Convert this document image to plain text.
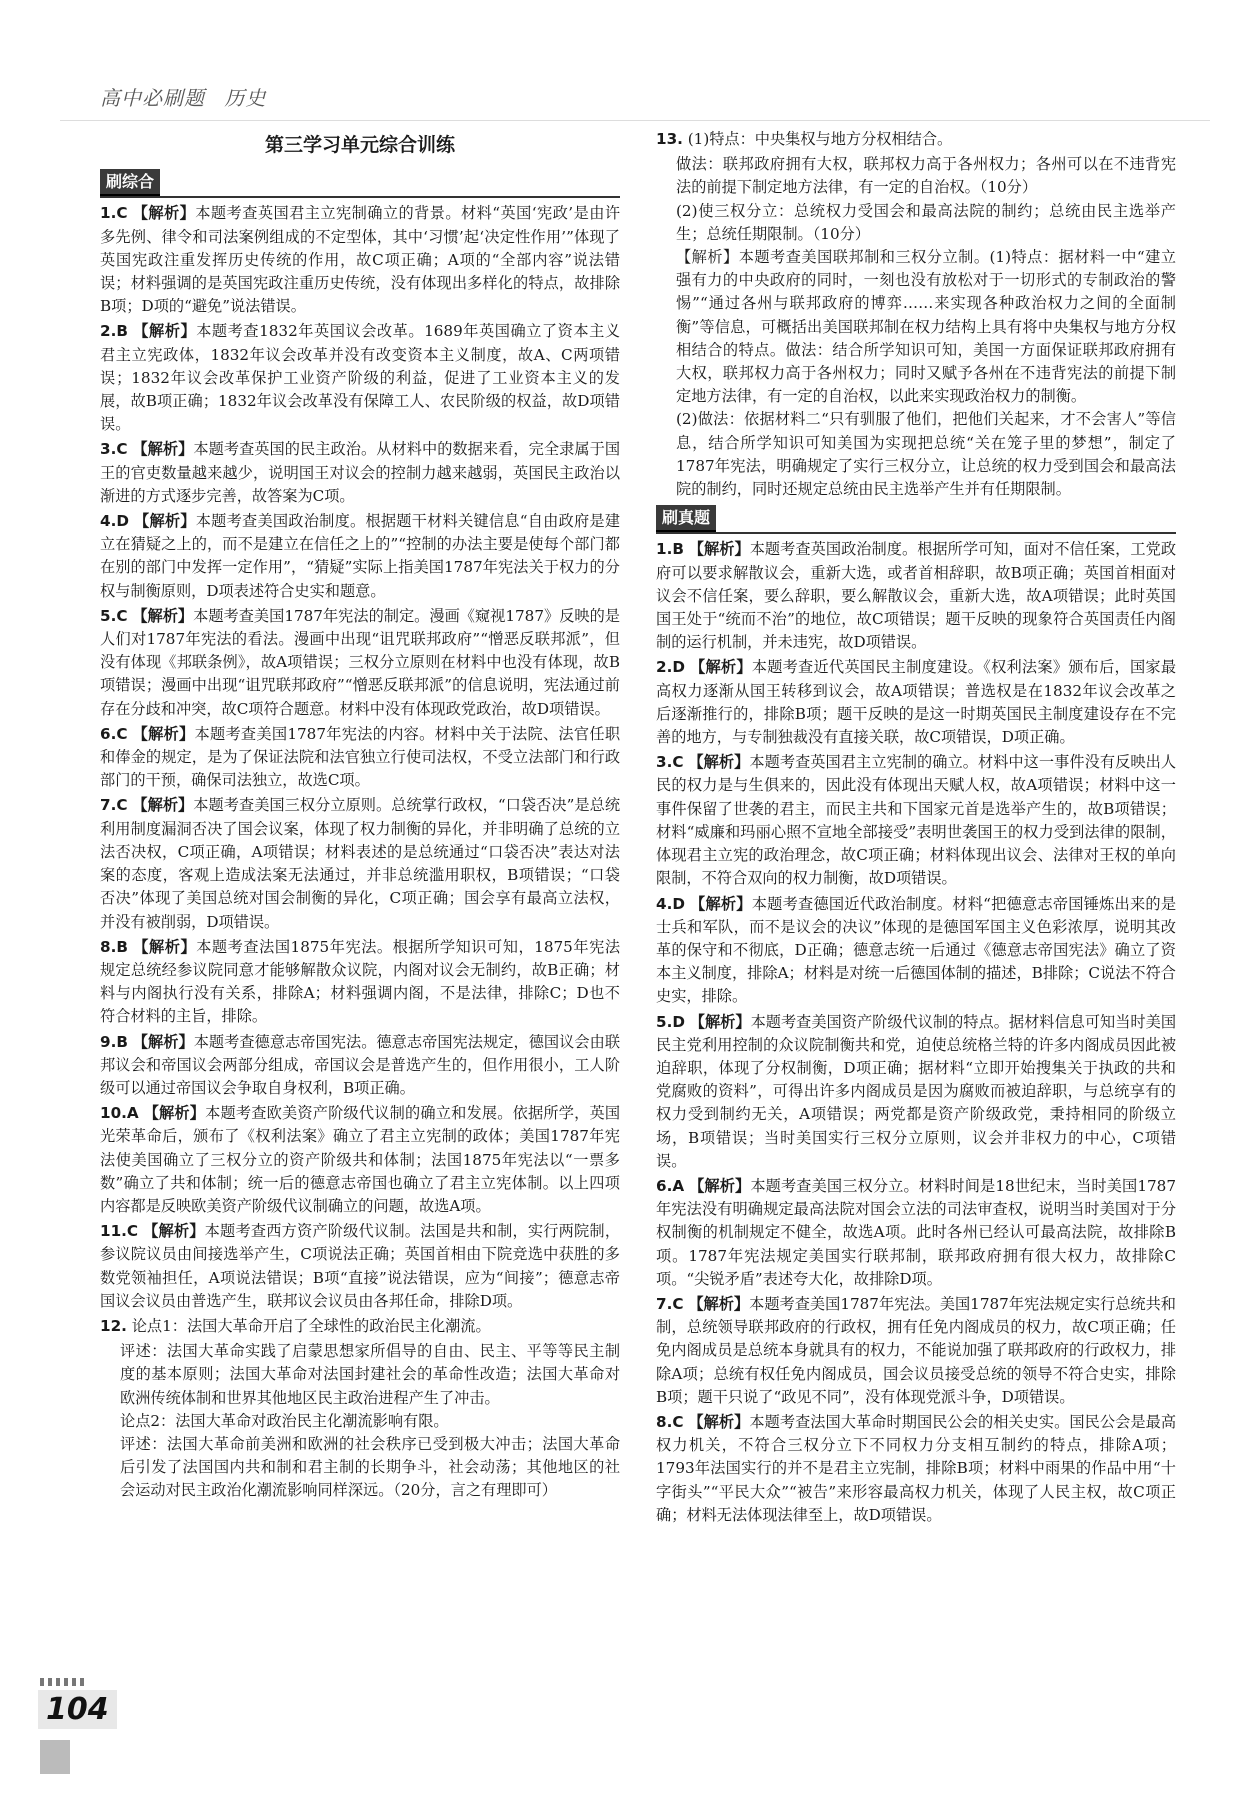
高中必刷题 历史
第三学习单元综合训练
刷综合
1.C 【解析】本题考查英国君主立宪制确立的背景。材料“英国‘宪政’是由许多先例、律令和司法案例组成的不定型体，其中‘习惯’起‘决定性作用’”体现了英国宪政注重发挥历史传统的作用，故C项正确；A项的“全部内容”说法错误；材料强调的是英国宪政注重历史传统，没有体现出多样化的特点，故排除B项；D项的“避免”说法错误。
2.B 【解析】本题考查1832年英国议会改革。1689年英国确立了资本主义君主立宪政体，1832年议会改革并没有改变资本主义制度，故A、C两项错误；1832年议会改革保护工业资产阶级的利益，促进了工业资本主义的发展，故B项正确；1832年议会改革没有保障工人、农民阶级的权益，故D项错误。
3.C 【解析】本题考查英国的民主政治。从材料中的数据来看，完全隶属于国王的官吏数量越来越少，说明国王对议会的控制力越来越弱，英国民主政治以渐进的方式逐步完善，故答案为C项。
4.D 【解析】本题考查美国政治制度。根据题干材料关键信息“自由政府是建立在猜疑之上的，而不是建立在信任之上的”“控制的办法主要是使每个部门都在别的部门中发挥一定作用”，“猜疑”实际上指美国1787年宪法关于权力的分权与制衡原则，D项表述符合史实和题意。
5.C 【解析】本题考查美国1787年宪法的制定。漫画《窥视1787》反映的是人们对1787年宪法的看法。漫画中出现“诅咒联邦政府”“憎恶反联邦派”，但没有体现《邦联条例》，故A项错误；三权分立原则在材料中也没有体现，故B项错误；漫画中出现“诅咒联邦政府”“憎恶反联邦派”的信息说明，宪法通过前存在分歧和冲突，故C项符合题意。材料中没有体现政党政治，故D项错误。
6.C 【解析】本题考查美国1787年宪法的内容。材料中关于法院、法官任职和俸金的规定，是为了保证法院和法官独立行使司法权，不受立法部门和行政部门的干预，确保司法独立，故选C项。
7.C 【解析】本题考查美国三权分立原则。总统掌行政权，“口袋否决”是总统利用制度漏洞否决了国会议案，体现了权力制衡的异化，并非明确了总统的立法否决权，C项正确，A项错误；材料表述的是总统通过“口袋否决”表达对法案的态度，客观上造成法案无法通过，并非总统滥用职权，B项错误；“口袋否决”体现了美国总统对国会制衡的异化，C项正确；国会享有最高立法权，并没有被削弱，D项错误。
8.B 【解析】本题考查法国1875年宪法。根据所学知识可知，1875年宪法规定总统经参议院同意才能够解散众议院，内阁对议会无制约，故B正确；材料与内阁执行没有关系，排除A；材料强调内阁，不是法律，排除C；D也不符合材料的主旨，排除。
9.B 【解析】本题考查德意志帝国宪法。德意志帝国宪法规定，德国议会由联邦议会和帝国议会两部分组成，帝国议会是普选产生的，但作用很小，工人阶级可以通过帝国议会争取自身权利，B项正确。
10.A 【解析】本题考查欧美资产阶级代议制的确立和发展。依据所学，英国光荣革命后，颁布了《权利法案》确立了君主立宪制的政体；美国1787年宪法使美国确立了三权分立的资产阶级共和体制；法国1875年宪法以“一票多数”确立了共和体制；统一后的德意志帝国也确立了君主立宪体制。以上四项内容都是反映欧美资产阶级代议制确立的问题，故选A项。
11.C 【解析】本题考查西方资产阶级代议制。法国是共和制，实行两院制，参议院议员由间接选举产生，C项说法正确；英国首相由下院竞选中获胜的多数党领袖担任，A项说法错误；B项“直接”说法错误，应为“间接”；德意志帝国议会议员由普选产生，联邦议会议员由各邦任命，排除D项。
12. 论点1：法国大革命开启了全球性的政治民主化潮流。
评述：法国大革命实践了启蒙思想家所倡导的自由、民主、平等等民主制度的基本原则；法国大革命对法国封建社会的革命性改造；法国大革命对欧洲传统体制和世界其他地区民主政治进程产生了冲击。
论点2：法国大革命对政治民主化潮流影响有限。
评述：法国大革命前美洲和欧洲的社会秩序已受到极大冲击；法国大革命后引发了法国国内共和制和君主制的长期争斗，社会动荡；其他地区的社会运动对民主政治化潮流影响同样深远。（20分，言之有理即可）
13. (1)特点：中央集权与地方分权相结合。
做法：联邦政府拥有大权，联邦权力高于各州权力；各州可以在不违背宪法的前提下制定地方法律，有一定的自治权。（10分）
(2)使三权分立：总统权力受国会和最高法院的制约；总统由民主选举产生；总统任期限制。（10分）
【解析】本题考查美国联邦制和三权分立制。(1)特点：据材料一中“建立强有力的中央政府的同时，一刻也没有放松对于一切形式的专制政治的警惕”“通过各州与联邦政府的博弈……来实现各种政治权力之间的全面制衡”等信息，可概括出美国联邦制在权力结构上具有将中央集权与地方分权相结合的特点。做法：结合所学知识可知，美国一方面保证联邦政府拥有大权，联邦权力高于各州权力；同时又赋予各州在不违背宪法的前提下制定地方法律，有一定的自治权，以此来实现政治权力的制衡。
(2)做法：依据材料二“只有驯服了他们，把他们关起来，才不会害人”等信息，结合所学知识可知美国为实现把总统“关在笼子里的梦想”，制定了1787年宪法，明确规定了实行三权分立，让总统的权力受到国会和最高法院的制约，同时还规定总统由民主选举产生并有任期限制。
刷真题
1.B 【解析】本题考查英国政治制度。根据所学可知，面对不信任案，工党政府可以要求解散议会，重新大选，或者首相辞职，故B项正确；英国首相面对议会不信任案，要么辞职，要么解散议会，重新大选，故A项错误；此时英国国王处于“统而不治”的地位，故C项错误；题干反映的现象符合英国责任内阁制的运行机制，并未违宪，故D项错误。
2.D 【解析】本题考查近代英国民主制度建设。《权利法案》颁布后，国家最高权力逐渐从国王转移到议会，故A项错误；普选权是在1832年议会改革之后逐渐推行的，排除B项；题干反映的是这一时期英国民主制度建设存在不完善的地方，与专制独裁没有直接关联，故C项错误，D项正确。
3.C 【解析】本题考查英国君主立宪制的确立。材料中这一事件没有反映出人民的权力是与生俱来的，因此没有体现出天赋人权，故A项错误；材料中这一事件保留了世袭的君主，而民主共和下国家元首是选举产生的，故B项错误；材料“威廉和玛丽心照不宣地全部接受”表明世袭国王的权力受到法律的限制，体现君主立宪的政治理念，故C项正确；材料体现出议会、法律对王权的单向限制，不符合双向的权力制衡，故D项错误。
4.D 【解析】本题考查德国近代政治制度。材料“把德意志帝国锤炼出来的是士兵和军队，而不是议会的决议”体现的是德国军国主义色彩浓厚，说明其改革的保守和不彻底，D正确；德意志统一后通过《德意志帝国宪法》确立了资本主义制度，排除A；材料是对统一后德国体制的描述，B排除；C说法不符合史实，排除。
5.D 【解析】本题考查美国资产阶级代议制的特点。据材料信息可知当时美国民主党利用控制的众议院制衡共和党，迫使总统格兰特的许多内阁成员因此被迫辞职，体现了分权制衡，D项正确；据材料“立即开始搜集关于执政的共和党腐败的资料”，可得出许多内阁成员是因为腐败而被迫辞职，与总统享有的权力受到制约无关，A项错误；两党都是资产阶级政党，秉持相同的阶级立场，B项错误；当时美国实行三权分立原则，议会并非权力的中心，C项错误。
6.A 【解析】本题考查美国三权分立。材料时间是18世纪末，当时美国1787年宪法没有明确规定最高法院对国会立法的司法审查权，说明当时美国对于分权制衡的机制规定不健全，故选A项。此时各州已经认可最高法院，故排除B项。1787年宪法规定美国实行联邦制，联邦政府拥有很大权力，故排除C项。“尖锐矛盾”表述夸大化，故排除D项。
7.C 【解析】本题考查美国1787年宪法。美国1787年宪法规定实行总统共和制，总统领导联邦政府的行政权，拥有任免内阁成员的权力，故C项正确；任免内阁成员是总统本身就具有的权力，不能说加强了联邦政府的行政权力，排除A项；总统有权任免内阁成员，国会议员接受总统的领导不符合史实，排除B项；题干只说了“政见不同”，没有体现党派斗争，D项错误。
8.C 【解析】本题考查法国大革命时期国民公会的相关史实。国民公会是最高权力机关，不符合三权分立下不同权力分支相互制约的特点，排除A项；1793年法国实行的并不是君主立宪制，排除B项；材料中雨果的作品中用“十字街头”“平民大众”“被告”来形容最高权力机关，体现了人民主权，故C项正确；材料无法体现法律至上，故D项错误。
104
